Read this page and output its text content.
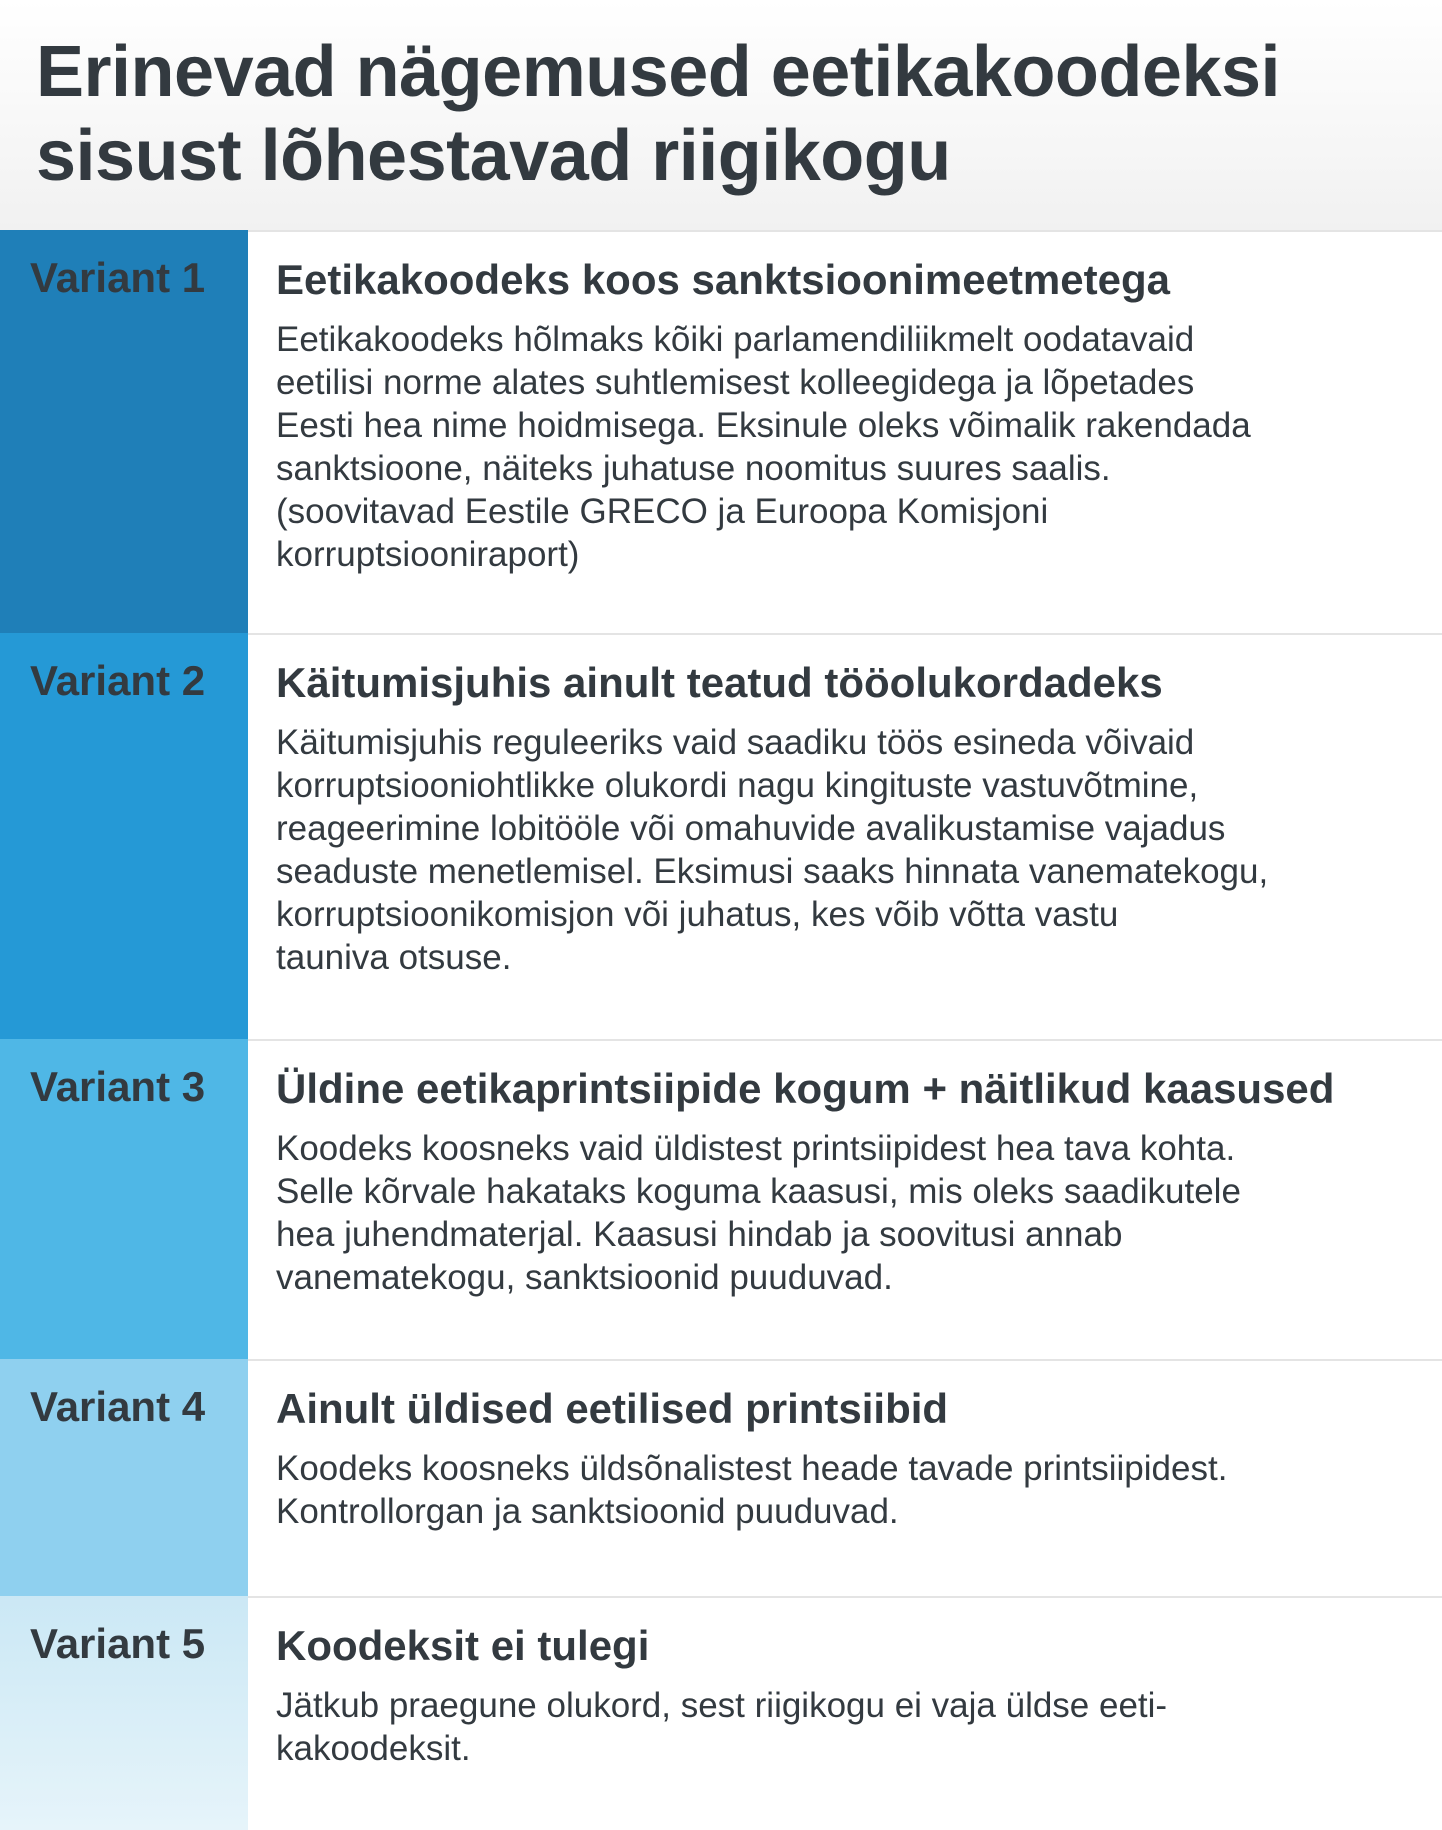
Erinevad nägemused eetikakoodeksi sisust lõhestavad riigikogu
Variant 1	Eetikakoodeks koos sanktsioonimeetmetega

Eetikakoodeks hõlmaks kõiki parlamendiliikmelt oodatavaid
eetilisi norme alates suhtlemisest kolleegidega ja lõpetades
Eesti hea nime hoidmisega. Eksinule oleks võimalik rakendada
sanktsioone, näiteks juhatuse noomitus suures saalis.
(soovitavad Eestile GRECO ja Euroopa Komisjoni
korruptsiooniraport)

Variant 2	Käitumisjuhis ainult teatud tööolukordadeks

Käitumisjuhis reguleeriks vaid saadiku töös esineda võivaid
korruptsiooniohtlikke olukordi nagu kingituste vastuvõtmine,
reageerimine lobitööle või omahuvide avalikustamise vajadus
seaduste menetlemisel. Eksimusi saaks hinnata vanematekogu,
korruptsioonikomisjon või juhatus, kes võib võtta vastu
tauniva otsuse.

Variant 3	Üldine eetikaprintsiipide kogum + näitlikud kaasused

Koodeks koosneks vaid üldistest printsiipidest hea tava kohta.
Selle kõrvale hakataks koguma kaasusi, mis oleks saadikutele
hea juhendmaterjal. Kaasusi hindab ja soovitusi annab
vanematekogu, sanktsioonid puuduvad.

Variant 4	Ainult üldised eetilised printsiibid

Koodeks koosneks üldsõnalistest heade tavade printsiipidest.
Kontrollorgan ja sanktsioonid puuduvad.

Variant 5	Koodeksit ei tulegi

Jätkub praegune olukord, sest riigikogu ei vaja üldse eeti-
kakoodeksit.
